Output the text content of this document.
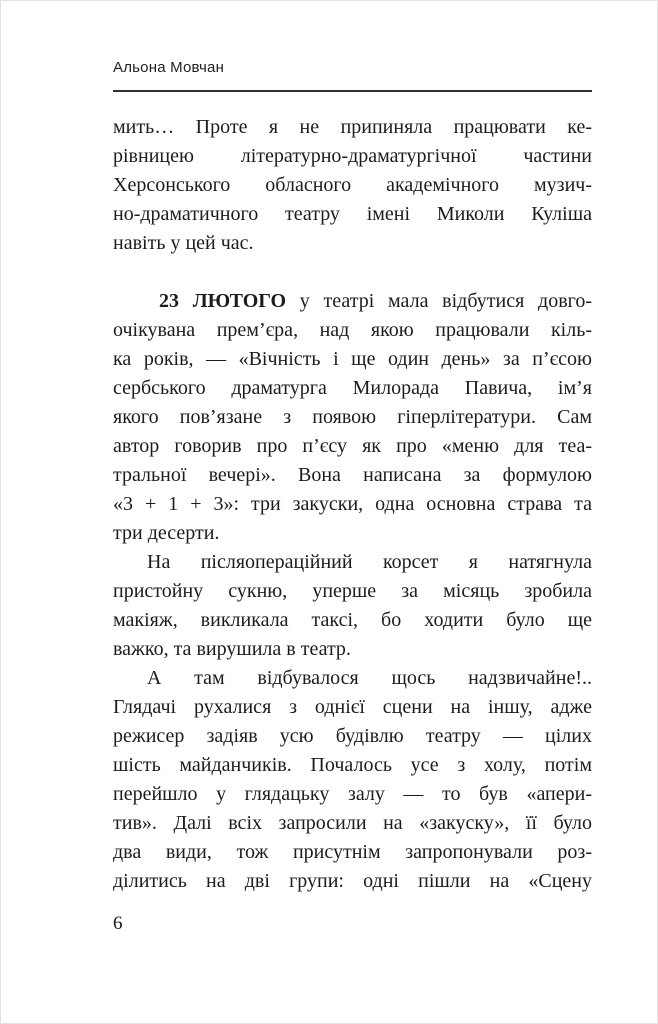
Альона Мовчан
мить… Проте я не припиняла працювати ке-
рівницею літературно-драматургічної частини
Херсонського обласного академічного музич-
но-драматичного театру імені Миколи Куліша
навіть у цей час.
23 ЛЮТОГО у театрі мала відбутися довго-
очікувана прем’єра, над якою працювали кіль-
ка років, — «Вічність і ще один день» за п’єсою
сербського драматурга Милорада Павича, ім’я
якого пов’язане з появою гіперлітератури. Сам
автор говорив про п’єсу як про «меню для теа-
тральної вечері». Вона написана за формулою
«3 + 1 + 3»: три закуски, одна основна страва та
три десерти.
На післяопераційний корсет я натягнула
пристойну сукню, уперше за місяць зробила
макіяж, викликала таксі, бо ходити було ще
важко, та вирушила в театр.
А там відбувалося щось надзвичайне!..
Глядачі рухалися з однієї сцени на іншу, адже
режисер задіяв усю будівлю театру — цілих
шість майданчиків. Почалось усе з холу, потім
перейшло у глядацьку залу — то був «апери-
тив». Далі всіх запросили на «закуску», її було
два види, тож присутнім запропонували роз-
ділитись на дві групи: одні пішли на «Сцену
6
